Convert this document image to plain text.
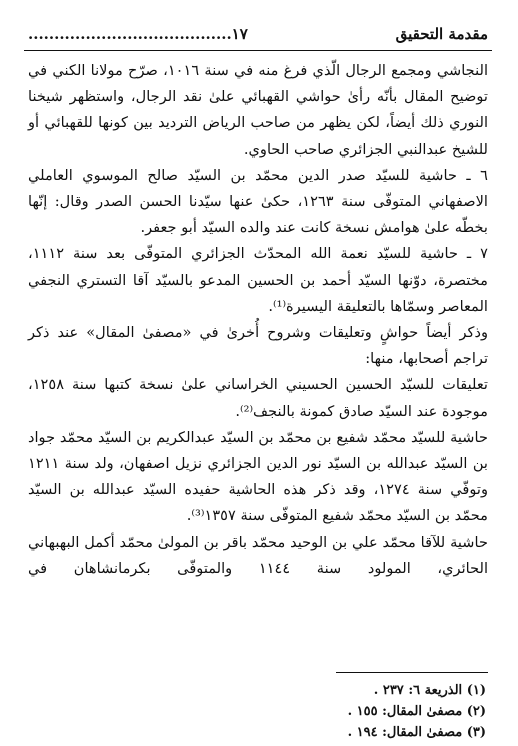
مقدمة التحقيق
١٧.......................................

النجاشي ومجمع الرجال الّذي فرغ منه في سنة ١٠١٦، صرّح مولانا الكني في توضيح المقال بأنّه رأىٰ حواشي القهبائي علىٰ نقد الرجال، واستظهر شيخنا النوري ذلك أيضاً، لكن يظهر من صاحب الرياض التردید بين كونها للقهبائي أو للشيخ عبدالنبي الجزائري صاحب الحاوي.

٦ ـ حاشية للسيّد صدر الدين محمّد بن السيّد صالح الموسوي العاملي الاصفهاني المتوفّى سنة ١٢٦٣، حكىٰ عنها سيّدنا الحسن الصدر وقال: إنّها بخطّه علىٰ هوامش نسخة كانت عند والده السيّد أبو جعفر.

٧ ـ حاشية للسيّد نعمة الله المحدّث الجزائري المتوفّى بعد سنة ١١١٢، مختصرة، دوّنها السيّد أحمد بن الحسين المدعو بالسيّد آقا التستري النجفي المعاصر وسمّاها بالتعليقة اليسيرة⁽¹⁾.

وذكر أيضاً حواشٍ وتعليقات وشروح أُخرىٰ في «مصفىٰ المقال» عند ذكر تراجم أصحابها، منها:

تعليقات للسيّد الحسين الحسيني الخراساني علىٰ نسخة كتبها سنة ١٢٥٨، موجودة عند السيّد صادق كمونة بالنجف⁽²⁾.

حاشية للسيّد محمّد شفيع بن محمّد بن السيّد عبدالكريم بن السيّد محمّد جواد بن السيّد عبدالله بن السيّد نور الدين الجزائري نزيل اصفهان، ولد سنة ١٢١١ وتوفّي سنة ١٢٧٤، وقد ذكر هذه الحاشية حفيده السيّد عبدالله بن السيّد محمّد بن السيّد محمّد شفيع المتوفّى سنة ١٣٥٧⁽³⁾.

حاشية للآقا محمّد علي بن الوحيد محمّد باقر بن المولىٰ محمّد أكمل البهبهاني الحائري، المولود سنة ١١٤٤ والمتوفّى بكرمانشاهان في

(١) الذريعة ٦: ٢٣٧ .
(٢) مصفىٰ المقال: ١٥٥ .
(٣) مصفىٰ المقال: ١٩٤ .
